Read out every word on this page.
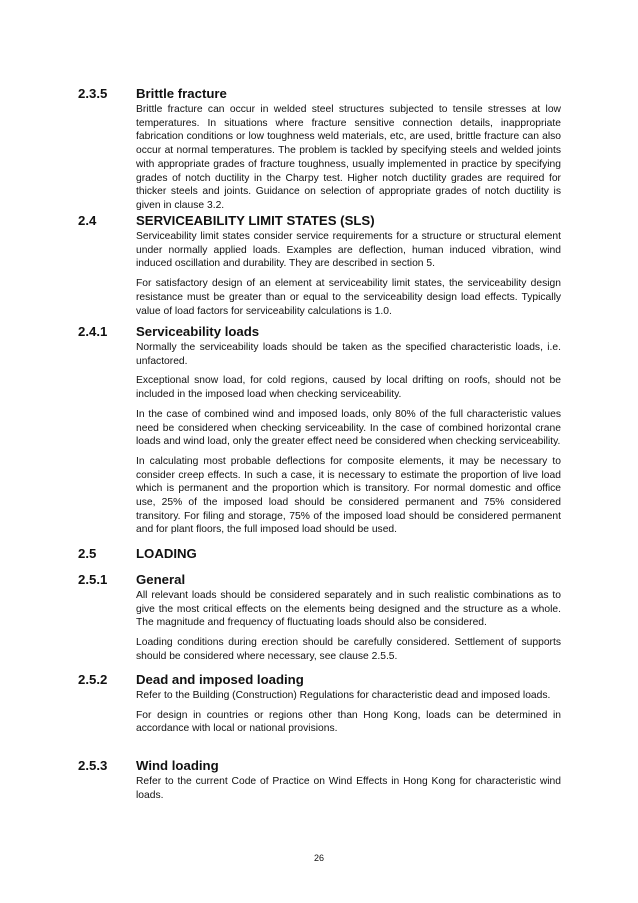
2.3.5 Brittle fracture

Brittle fracture can occur in welded steel structures subjected to tensile stresses at low temperatures. In situations where fracture sensitive connection details, inappropriate fabrication conditions or low toughness weld materials, etc, are used, brittle fracture can also occur at normal temperatures. The problem is tackled by specifying steels and welded joints with appropriate grades of fracture toughness, usually implemented in practice by specifying grades of notch ductility in the Charpy test. Higher notch ductility grades are required for thicker steels and joints. Guidance on selection of appropriate grades of notch ductility is given in clause 3.2.

2.4	SERVICEABILITY LIMIT STATES (SLS)

Serviceability limit states consider service requirements for a structure or structural element under normally applied loads. Examples are deflection, human induced vibration, wind induced oscillation and durability. They are described in section 5.

For satisfactory design of an element at serviceability limit states, the serviceability design resistance must be greater than or equal to the serviceability design load effects. Typically value of load factors for serviceability calculations is 1.0.

2.4.1 Serviceability loads

Normally the serviceability loads should be taken as the specified characteristic loads, i.e. unfactored.

Exceptional snow load, for cold regions, caused by local drifting on roofs, should not be included in the imposed load when checking serviceability.

In the case of combined wind and imposed loads, only 80% of the full characteristic values need be considered when checking serviceability. In the case of combined horizontal crane loads and wind load, only the greater effect need be considered when checking serviceability.

In calculating most probable deflections for composite elements, it may be necessary to consider creep effects. In such a case, it is necessary to estimate the proportion of live load which is permanent and the proportion which is transitory. For normal domestic and office use, 25% of the imposed load should be considered permanent and 75% considered transitory. For filing and storage, 75% of the imposed load should be considered permanent and for plant floors, the full imposed load should be used.

2.5	LOADING
2.5.1 General

All relevant loads should be considered separately and in such realistic combinations as to give the most critical effects on the elements being designed and the structure as a whole. The magnitude and frequency of fluctuating loads should also be considered.

Loading conditions during erection should be carefully considered. Settlement of supports should be considered where necessary, see clause 2.5.5.

2.5.2 Dead and imposed loading

Refer to the Building (Construction) Regulations for characteristic dead and imposed loads.

For design in countries or regions other than Hong Kong, loads can be determined in accordance with local or national provisions.

2.5.3 Wind loading

Refer to the current Code of Practice on Wind Effects in Hong Kong for characteristic wind loads.

26
